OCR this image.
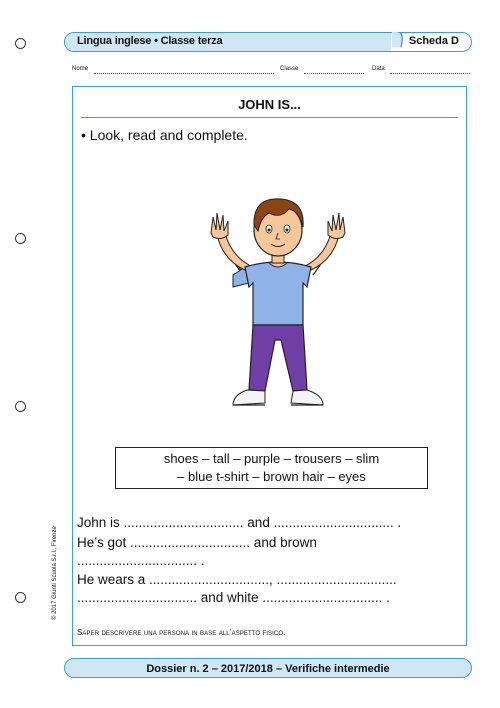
Lingua inglese • Classe terza	Scheda D
Nome	Classe	Data
JOHN IS...
• Look, read and complete.
shoes – tall – purple – trousers – slim
– blue t-shirt – brown hair – eyes
John is ................................ and ................................ .
He’s got ................................ and brown
................................ .
He wears a ................................, ................................
................................ and white ................................ .
Saper descrivere una persona in base all’aspetto fisico.
© 2017 Giunti Scuola S.r.l., Firenze
Dossier n. 2 – 2017/2018 – Verifiche intermedie
